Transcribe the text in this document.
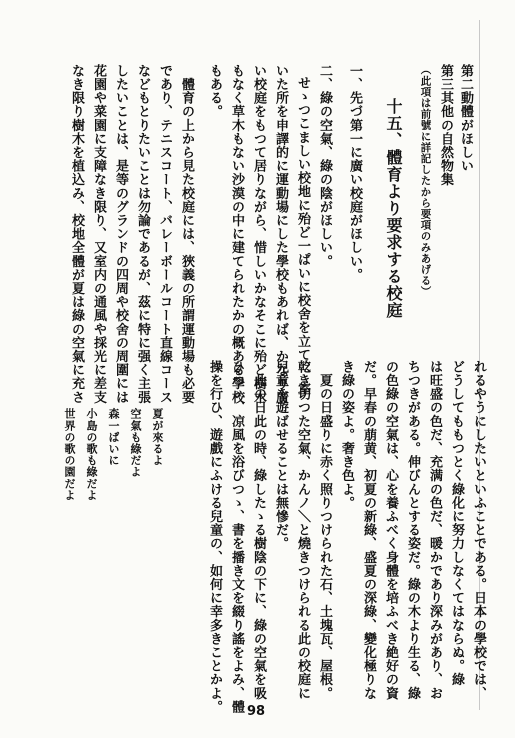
第二動體がほしい
第三其他の自然物集
（此項は前號に詳記したから要項のみあげる）
十五、體育より要求する校庭
一、先づ第一に廣い校庭がほしい。
二、綠の空氣、綠の陰がほしい。
せゝつこましい校地に殆ど一ぱいに校舍を立て、、室
いた所を申譯的に運動場にした學校もあれば、かなり廣
い校庭をもつて居りながら、惜しいかなそこに殆ど樹木
もなく草木もない沙漠の中に建てられたかの概ある學校
もある。
　體育の上から見た校庭には、狹義の所謂運動場も必要
であり、テニスコート、バレーボールコート直線コース
などもとりたいことは勿論であるが、茲に特に强く主張
したいことは、是等のグランドの四周や校舍の周圍には
花園や菜園に支障なき限り、又室内の通風や採光に差支
なき限り樹木を植込み、校地全體が夏は綠の空氣に充さ
れるやうにしたいといふことである。日本の學校では、
どうしてももつとく綠化に努力しなくてはならぬ。綠
は旺盛の色だ、充满の色だ、暖かであり深みがあり、お
ちつきがある。伸びんとする姿だ。綠の木より生る、綠
の色綠の空氣は、心を養ふべく身體を培ふべき絶好の資
だ。早春の萠黄、初夏の新綠、盛夏の深綠、變化極りな
き綠の姿よ。奢き色よ。
　夏の日盛りに赤く照りつけられた石、土塊瓦、屋根。
乾き切つた空氣、かんノ＼と燒きつけられる此の校庭に
兒童を遊ばせることは無慘だ。
　此の日此の時、綠したゝる樹陰の下に、綠の空氣を吸
ひつゝ、凉風を浴びつゝ、書を播き文を綴り謠をよみ、體
操を行ひ、遊戲にふける兒童の、如何に幸多きことかよ。
夏が來るよ
空氣も綠だよ
森一ぱいに
小島の歌も綠だよ
世界の歌の園だよ
98
